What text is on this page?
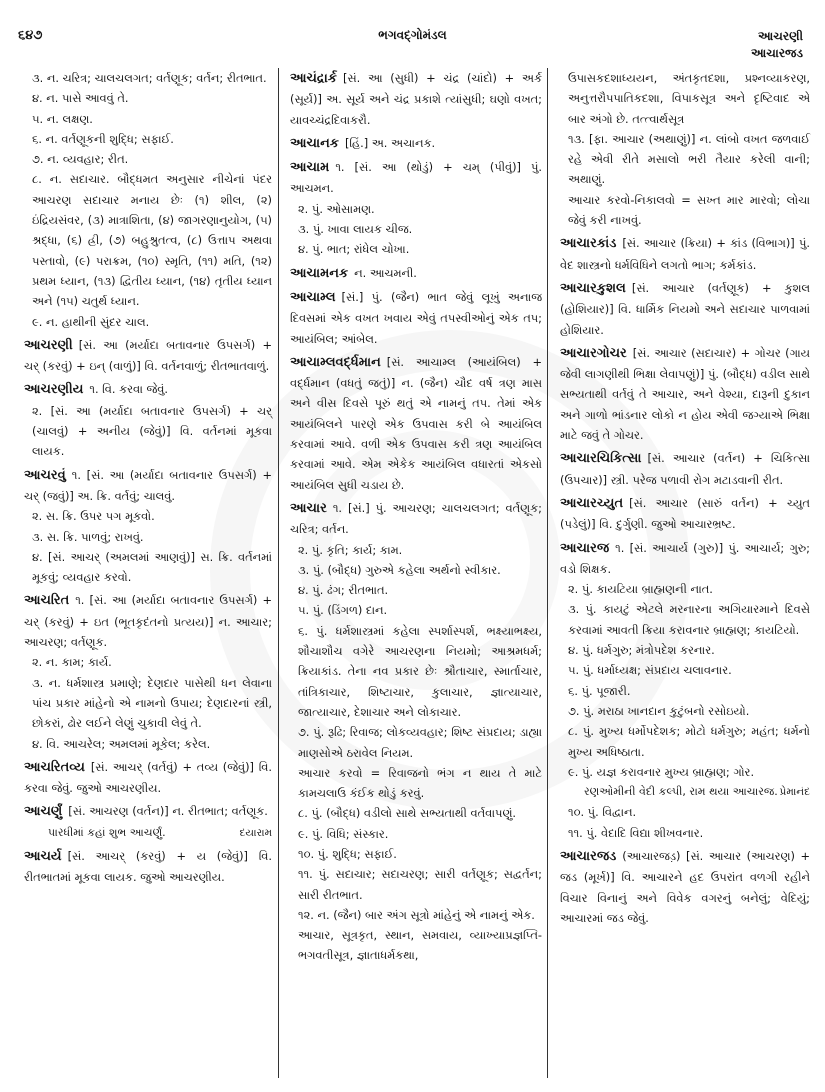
૬૪૭	ભગવદ્ગોમંડલ	આચરણી
આચારજડ

૩. ન. ચરિત્ર; ચાલચલગત; વર્તણૂક; વર્તન; રીતભાત.

૪. ન. પાસે આવવું તે.

૫. ન. લક્ષણ.

૬. ન. વર્તણૂકની શુદ્ધિ; સફાઈ.

૭. ન. વ્યવહાર; રીત.

૮. ન. સદાચાર. બૌદ્ધમત અનુસાર નીચેનાં પંદર આચરણ સદાચાર મનાય છેઃ (૧) શીલ, (૨) ઇંદ્રિયસંવર, (૩) માત્રાશિતા, (૪) જાગરણાનુયોગ, (૫) શ્રદ્ધા, (૬) હ્રી, (૭) બહુશ્રુતત્વ, (૮) ઉત્તાપ અથવા પસ્તાવો, (૯) પરાક્રમ, (૧૦) સ્મૃતિ, (૧૧) મતિ, (૧૨) પ્રથમ ધ્યાન, (૧૩) દ્વિતીય ધ્યાન, (૧૪) તૃતીય ધ્યાન અને (૧૫) ચતુર્થ ધ્યાન.

૯. ન. હાથીની સુંદર ચાલ.

આચરણી [સં. આ (મર્યાદા બતાવનાર ઉપસર્ગ) + ચર્ (કરવું) + ઇન્ (વાળું)] વિ. વર્તનવાળું; રીતભાતવાળું.

આચરણીય ૧. વિ. કરવા જેવું.

૨. [સં. આ (મર્યાદા બતાવનાર ઉપસર્ગ) + ચર્ (ચાલવું) + અનીય (જેવું)] વિ. વર્તનમાં મૂકવા લાયક.

આચરવું ૧. [સં. આ (મર્યાદા બતાવનાર ઉપસર્ગ) + ચર્ (જવું)] અ. ક્રિ. વર્તવું; ચાલવું.

૨. સ. ક્રિ. ઉપર પગ મૂકવો.

૩. સ. ક્રિ. પાળવું; રાખવું.

૪. [સં. આચર્ (અમલમાં આણવું)] સ. ક્રિ. વર્તનમાં મૂકવું; વ્યવહાર કરવો.

આચરિત ૧. [સં. આ (મર્યાદા બતાવનાર ઉપસર્ગ) + ચર્ (કરવું) + ઇત (ભૂતકૃદંતનો પ્રત્યય)] ન. આચાર; આચરણ; વર્તણૂક.

૨. ન. કામ; કાર્ય.

૩. ન. ધર્મશાસ્ત્ર પ્રમાણે; દેણદાર પાસેથી ધન લેવાના પાંચ પ્રકાર માંહેનો એ નામનો ઉપાય; દેણદારનાં સ્ત્રી, છોકરાં, ઢોર લઈને લેણું ચુકાવી લેવું તે.

૪. વિ. આચરેલ; અમલમાં મૂકેલ; કરેલ.

આચરિતવ્ય [સં. આચર્ (વર્તવું) + તવ્ય (જેવું)] વિ. કરવા જેવું. જુઓ આચરણીય.

આચર્ણું [સં. આચરણ (વર્તન)] ન. રીતભાત; વર્તણૂક.

પારધીમાં કહાં શુભ આચર્ણું.	દયારામ

આચર્ય [સં. આચર્ (કરવું) + ય (જેવું)] વિ. રીતભાતમાં મૂકવા લાયક. જુઓ આચરણીય.

આચંદ્રાર્ક [સં. આ (સુધી) + ચંદ્ર (ચાંદો) + અર્ક (સૂર્ય)] અ. સૂર્ય અને ચંદ્ર પ્રકાશે ત્યાંસુધી; ઘણો વખત; યાવચ્ચંદ્રદિવાકરૌ.

આચાનક [હિં.] અ. અચાનક.

આચામ ૧. [સં. આ (થોડું) + ચમ્ (પીવું)] પું. આચમન.

૨. પું. ઓસામણ.

૩. પું. ખાવા લાયક ચીજ.

૪. પું. ભાત; રાંધેલ ચોખા.

આચામનક ન. આચમની.

આચામ્લ [સં.] પું. (જૈન) ભાત જેવું લૂખું અનાજ દિવસમાં એક વખત ખવાય એવું તપસ્વીઓનું એક તપ; આયંબિલ; આંબેલ.

આચામ્લવર્દ્ધમાન [સં. આચામ્લ (આયંબિલ) + વર્દ્ધમાન (વધતું જતું)] ન. (જૈન) ચૌદ વર્ષ ત્રણ માસ અને વીસ દિવસે પૂરું થતું એ નામનું તપ. તેમાં એક આયંબિલને પારણે એક ઉપવાસ કરી બે આયંબિલ કરવામાં આવે. વળી એક ઉપવાસ કરી ત્રણ આયંબિલ કરવામાં આવે. એમ એકેક આયંબિલ વધારતાં એકસો આયંબિલ સુધી ચડાય છે.

આચાર ૧. [સં.] પું. આચરણ; ચાલચલગત; વર્તણૂક; ચરિત્ર; વર્તન.

૨. પું. કૃતિ; કાર્ય; કામ.

૩. પું. (બૌદ્ધ) ગુરુએ કહેલા અર્થનો સ્વીકાર.

૪. પું. ઢંગ; રીતભાત.

૫. પું. (ડિંગળ) દાન.

૬. પું. ધર્મશાસ્ત્રમાં કહેલા સ્પર્શાસ્પર્શ, ભક્ષ્યાભક્ષ્ય, શૌચાશૌચ વગેરે આચરણના નિયમો; આશ્રમધર્મ; ક્રિયાકાંડ. તેના નવ પ્રકાર છેઃ શ્રૌતાચાર, સ્માર્તાચાર, તાંત્રિકાચાર, શિષ્ટાચાર, કુલાચાર, જ્ઞાત્યાચાર, જાત્યાચાર, દેશાચાર અને લોકાચાર.

૭. પું. રૂઢિ; રિવાજ; લોકવ્યવહાર; શિષ્ટ સંપ્રદાય; ડાહ્યા માણસોએ ઠરાવેલ નિયમ.

આચાર કરવો = રિવાજનો ભંગ ન થાય તે માટે કામચલાઉ કંઈક થોડું કરવું.

૮. પું. (બૌદ્ધ) વડીલો સાથે સભ્યતાથી વર્તવાપણું.

૯. પું. વિધિ; સંસ્કાર.

૧૦. પું. શુદ્ધિ; સફાઈ.

૧૧. પું. સદાચાર; સદાચરણ; સારી વર્તણૂક; સદ્વર્તન; સારી રીતભાત.

૧૨. ન. (જૈન) બાર અંગ સૂત્રો માંહેનું એ નામનું એક.

આચાર, સૂત્રકૃત, સ્થાન, સમવાય, વ્યાખ્યાપ્રજ્ઞપ્તિ-ભગવતીસૂત્ર, જ્ઞાતાધર્મકથા,

ઉપાસકદશાધ્યયન, અંતકૃતદશા, પ્રશ્નવ્યાકરણ, અનુત્તરૌપપાતિકદશા, વિપાકસૂત્ર અને દૃષ્ટિવાદ એ બાર અંગો છે. તત્ત્વાર્થસૂત્ર

૧૩. [ફા. આચાર (અથાણું)] ન. લાંબો વખત જળવાઈ રહે એવી રીતે મસાલો ભરી તૈયાર કરેલી વાની; અથાણું.

આચાર કરવો-નિકાલવો = સખ્ત માર મારવો; લોચા જેવું કરી નાખવું.

આચારકાંડ [સં. આચાર (ક્રિયા) + કાંડ (વિભાગ)] પું. વેદ શાસ્ત્રનો ધર્મવિધિને લગતો ભાગ; કર્મકાંડ.

આચારકુશલ [સં. આચાર (વર્તણૂક) + કુશલ (હોશિયાર)] વિ. ધાર્મિક નિયમો અને સદાચાર પાળવામાં હોશિયાર.

આચારગોચર [સં. આચાર (સદાચાર) + ગોચર (ગાય જેવી લાગણીથી ભિક્ષા લેવાપણું)] પું. (બૌદ્ધ) વડીલ સાથે સભ્યતાથી વર્તવું તે આચાર, અને વેશ્યા, દારૂની દુકાન અને ગાળો ભાંડનાર લોકો ન હોય એવી જગ્યાએ ભિક્ષા માટે જવું તે ગોચર.

આચારચિકિત્સા [સં. આચાર (વર્તન) + ચિકિત્સા (ઉપચાર)] સ્ત્રી. પરેજ પળાવી રોગ મટાડવાની રીત.

આચારચ્યુત [સં. આચાર (સારું વર્તન) + ચ્યુત (પડેલું)] વિ. દુર્ગુણી. જુઓ આચારભ્રષ્ટ.

આચારજ ૧. [સં. આચાર્ય (ગુરુ)] પું. આચાર્ય; ગુરુ; વડો શિક્ષક.

૨. પું. કાયટિયા બ્રાહ્મણની નાત.

૩. પું. કાયટું એટલે મરનારના અગિયારમાને દિવસે કરવામાં આવતી ક્રિયા કરાવનાર બ્રાહ્મણ; કાયટિયો.

૪. પું. ધર્મગુરુ; મંત્રોપદેશ કરનાર.

૫. પું. ધર્માધ્યક્ષ; સંપ્રદાય ચલાવનાર.

૬. પું. પૂજારી.

૭. પું. મરાઠા ખાનદાન કુટુંબનો રસોઇયો.

૮. પું. મુખ્ય ધર્મોપદેશક; મોટો ધર્મગુરુ; મહંત; ધર્મનો મુખ્ય અધિષ્ઠાતા.

૯. પું. યજ્ઞ કરાવનાર મુખ્ય બ્રાહ્મણ; ગોર.

રણઓમીની વેદી કલ્પી, રામ થયા આચારજ. પ્રેમાનંદ

૧૦. પું. વિદ્વાન.

૧૧. પું. વેદાદિ વિદ્યા શીખવનાર.

આચારજડ (આચારજડ઼) [સં. આચાર (આચરણ) + જડ (મૂર્ખ)] વિ. આચારને હદ ઉપરાંત વળગી રહીને વિચાર વિનાનું અને વિવેક વગરનું બનેલું; વેદિયું; આચારમાં જડ જેવું.
